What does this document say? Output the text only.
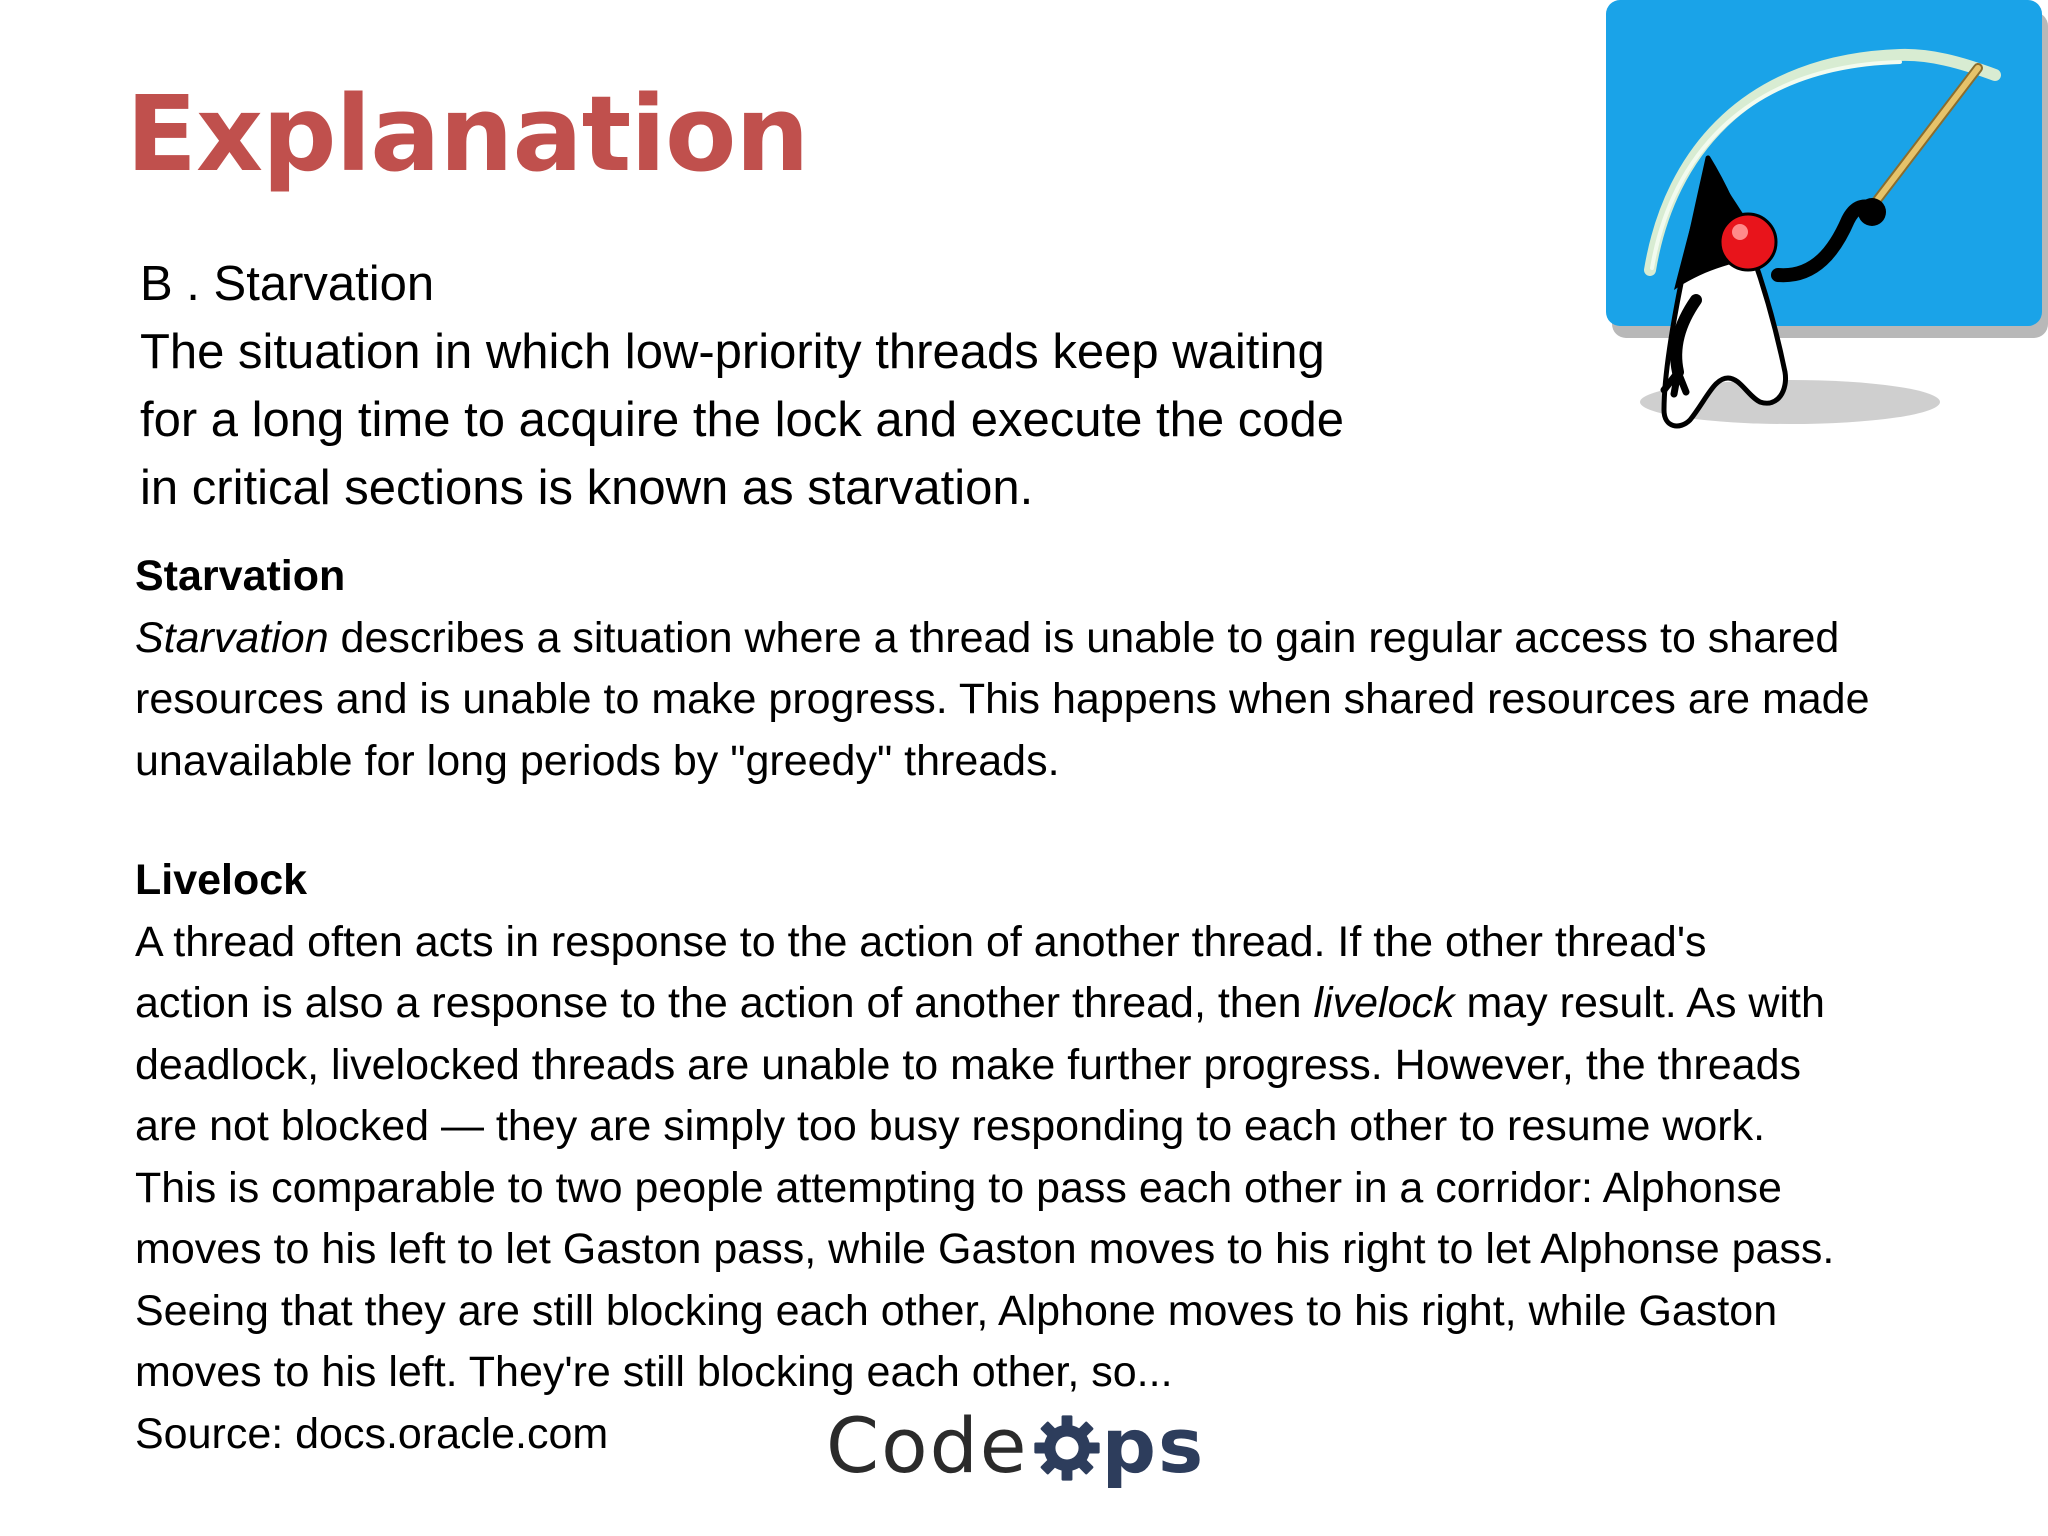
Explanation
B . Starvation
The situation in which low-priority threads keep waiting
for a long time to acquire the lock and execute the code
in critical sections is known as starvation.
Starvation
Starvation describes a situation where a thread is unable to gain regular access to shared
resources and is unable to make progress. This happens when shared resources are made
unavailable for long periods by "greedy" threads.
Livelock
A thread often acts in response to the action of another thread. If the other thread's
action is also a response to the action of another thread, then livelock may result. As with
deadlock, livelocked threads are unable to make further progress. However, the threads
are not blocked — they are simply too busy responding to each other to resume work.
This is comparable to two people attempting to pass each other in a corridor: Alphonse
moves to his left to let Gaston pass, while Gaston moves to his right to let Alphonse pass.
Seeing that they are still blocking each other, Alphone moves to his right, while Gaston
moves to his left. They're still blocking each other, so...
Source: docs.oracle.com	Code ps
